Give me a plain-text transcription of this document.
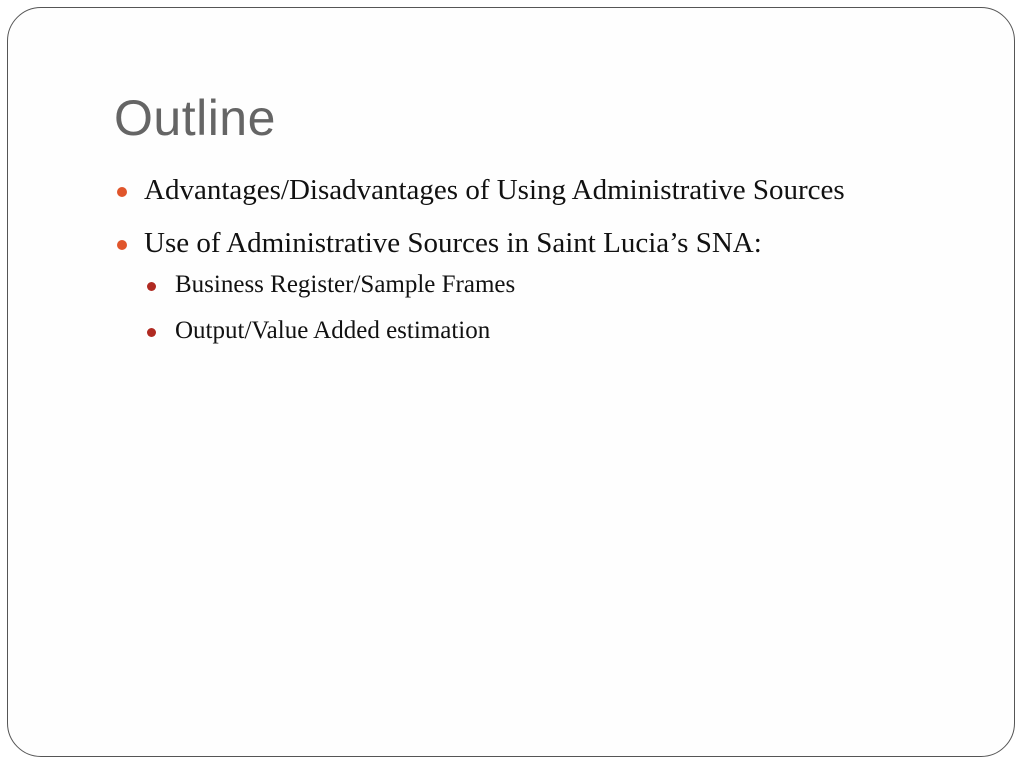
Outline
Advantages/Disadvantages of Using Administrative Sources
Use of Administrative Sources in Saint Lucia’s SNA:
Business Register/Sample Frames
Output/Value Added estimation
